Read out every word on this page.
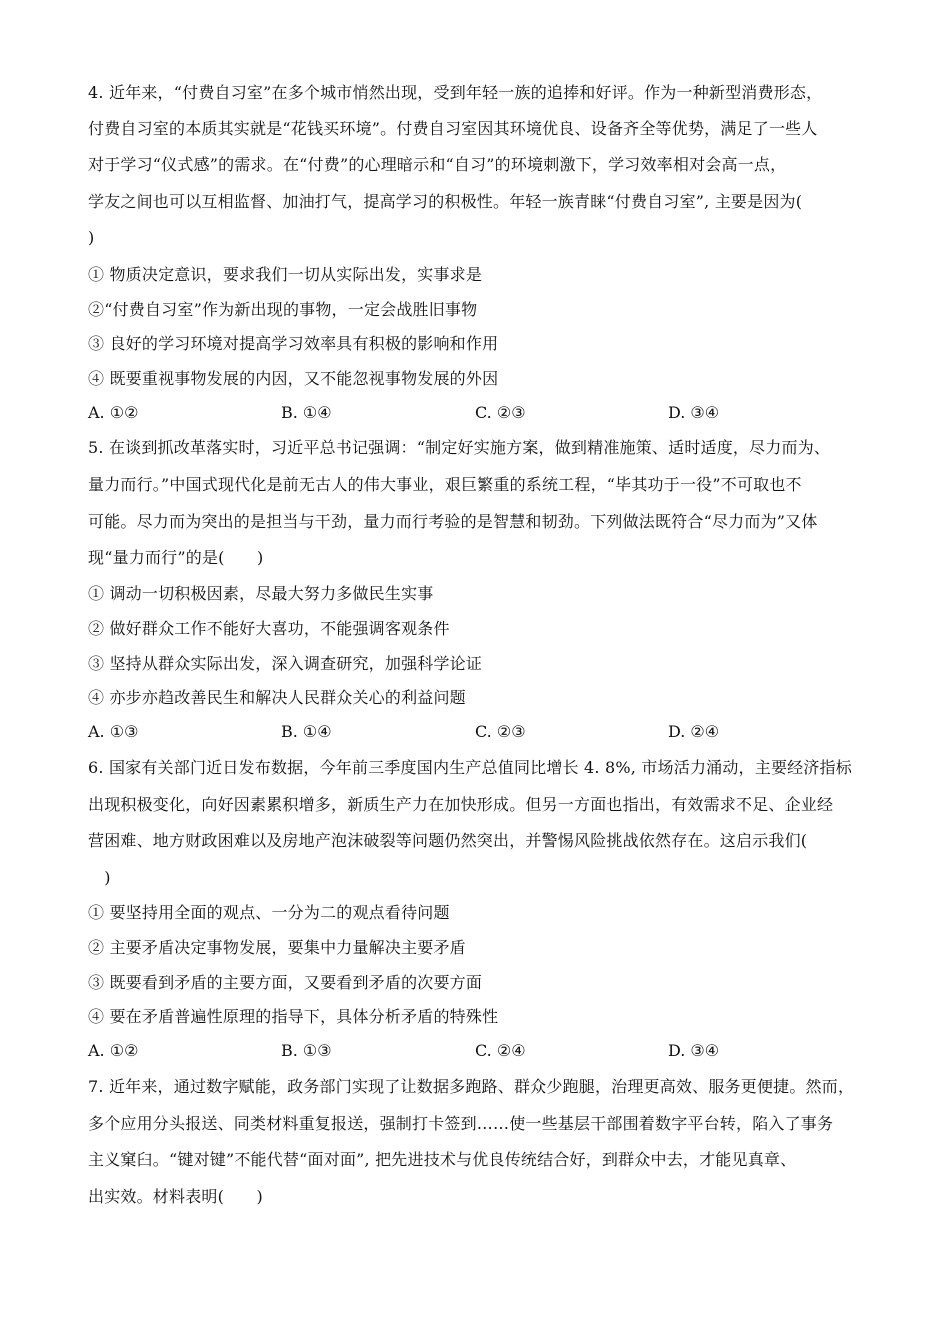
4. 近年来，“付费自习室”在多个城市悄然出现，受到年轻一族的追捧和好评。作为一种新型消费形态，
付费自习室的本质其实就是“花钱买环境”。付费自习室因其环境优良、设备齐全等优势，满足了一些人
对于学习“仪式感”的需求。在“付费”的心理暗示和“自习”的环境刺激下，学习效率相对会高一点，
学友之间也可以互相监督、加油打气，提高学习的积极性。年轻一族青睐“付费自习室”, 主要是因为(
)
① 物质决定意识，要求我们一切从实际出发，实事求是
②“付费自习室”作为新出现的事物，一定会战胜旧事物
③ 良好的学习环境对提高学习效率具有积极的影响和作用
④ 既要重视事物发展的内因，又不能忽视事物发展的外因
A. ①②	B. ①④	C. ②③	D. ③④
5. 在谈到抓改革落实时，习近平总书记强调：“制定好实施方案，做到精准施策、适时适度，尽力而为、
量力而行。”中国式现代化是前无古人的伟大事业，艰巨繁重的系统工程，“毕其功于一役”不可取也不
可能。尽力而为突出的是担当与干劲，量力而行考验的是智慧和韧劲。下列做法既符合“尽力而为”又体
现“量力而行”的是(　　)
① 调动一切积极因素，尽最大努力多做民生实事
② 做好群众工作不能好大喜功，不能强调客观条件
③ 坚持从群众实际出发，深入调查研究，加强科学论证
④ 亦步亦趋改善民生和解决人民群众关心的利益问题
A. ①③	B. ①④	C. ②③	D. ②④
6. 国家有关部门近日发布数据，今年前三季度国内生产总值同比增长 4. 8%, 市场活力涌动，主要经济指标
出现积极变化，向好因素累积增多，新质生产力在加快形成。但另一方面也指出，有效需求不足、企业经
营困难、地方财政困难以及房地产泡沫破裂等问题仍然突出，并警惕风险挑战依然存在。这启示我们(
　)
① 要坚持用全面的观点、一分为二的观点看待问题
② 主要矛盾决定事物发展，要集中力量解决主要矛盾
③ 既要看到矛盾的主要方面，又要看到矛盾的次要方面
④ 要在矛盾普遍性原理的指导下，具体分析矛盾的特殊性
A. ①②	B. ①③	C. ②④	D. ③④
7. 近年来，通过数字赋能，政务部门实现了让数据多跑路、群众少跑腿，治理更高效、服务更便捷。然而，
多个应用分头报送、同类材料重复报送，强制打卡签到……使一些基层干部围着数字平台转，陷入了事务
主义窠臼。“键对键”不能代替“面对面”, 把先进技术与优良传统结合好，到群众中去，才能见真章、
出实效。材料表明(　　)
